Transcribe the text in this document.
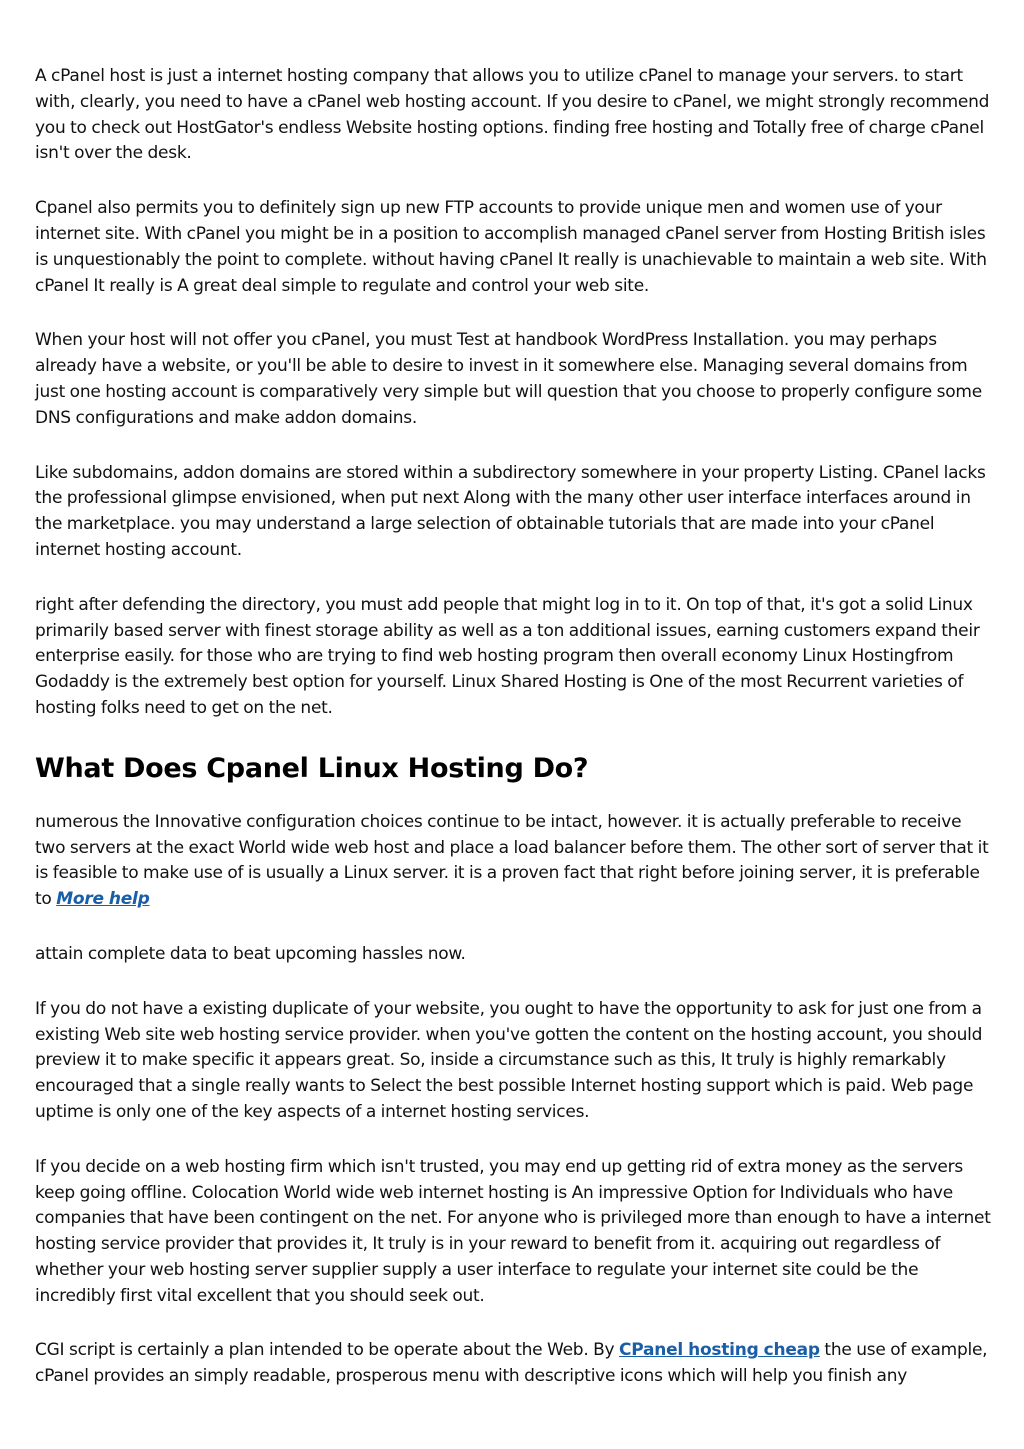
A cPanel host is just a internet hosting company that allows you to utilize cPanel to manage your servers. to start with, clearly, you need to have a cPanel web hosting account. If you desire to cPanel, we might strongly recommend you to check out HostGator's endless Website hosting options. finding free hosting and Totally free of charge cPanel isn't over the desk.

Cpanel also permits you to definitely sign up new FTP accounts to provide unique men and women use of your internet site. With cPanel you might be in a position to accomplish managed cPanel server from Hosting British isles is unquestionably the point to complete. without having cPanel It really is unachievable to maintain a web site. With cPanel It really is A great deal simple to regulate and control your web site.

When your host will not offer you cPanel, you must Test at handbook WordPress Installation. you may perhaps already have a website, or you'll be able to desire to invest in it somewhere else. Managing several domains from just one hosting account is comparatively very simple but will question that you choose to properly configure some DNS configurations and make addon domains.

Like subdomains, addon domains are stored within a subdirectory somewhere in your property Listing. CPanel lacks the professional glimpse envisioned, when put next Along with the many other user interface interfaces around in the marketplace. you may understand a large selection of obtainable tutorials that are made into your cPanel internet hosting account.

right after defending the directory, you must add people that might log in to it. On top of that, it's got a solid Linux primarily based server with finest storage ability as well as a ton additional issues, earning customers expand their enterprise easily. for those who are trying to find web hosting program then overall economy Linux Hostingfrom Godaddy is the extremely best option for yourself. Linux Shared Hosting is One of the most Recurrent varieties of hosting folks need to get on the net.

What Does Cpanel Linux Hosting Do?

numerous the Innovative configuration choices continue to be intact, however. it is actually preferable to receive two servers at the exact World wide web host and place a load balancer before them. The other sort of server that it is feasible to make use of is usually a Linux server. it is a proven fact that right before joining server, it is preferable to More help

attain complete data to beat upcoming hassles now.

If you do not have a existing duplicate of your website, you ought to have the opportunity to ask for just one from a existing Web site web hosting service provider. when you've gotten the content on the hosting account, you should preview it to make specific it appears great. So, inside a circumstance such as this, It truly is highly remarkably encouraged that a single really wants to Select the best possible Internet hosting support which is paid. Web page uptime is only one of the key aspects of a internet hosting services.

If you decide on a web hosting firm which isn't trusted, you may end up getting rid of extra money as the servers keep going offline. Colocation World wide web internet hosting is An impressive Option for Individuals who have companies that have been contingent on the net. For anyone who is privileged more than enough to have a internet hosting service provider that provides it, It truly is in your reward to benefit from it. acquiring out regardless of whether your web hosting server supplier supply a user interface to regulate your internet site could be the incredibly first vital excellent that you should seek out.

CGI script is certainly a plan intended to be operate about the Web. By CPanel hosting cheap the use of example, cPanel provides an simply readable, prosperous menu with descriptive icons which will help you finish any
